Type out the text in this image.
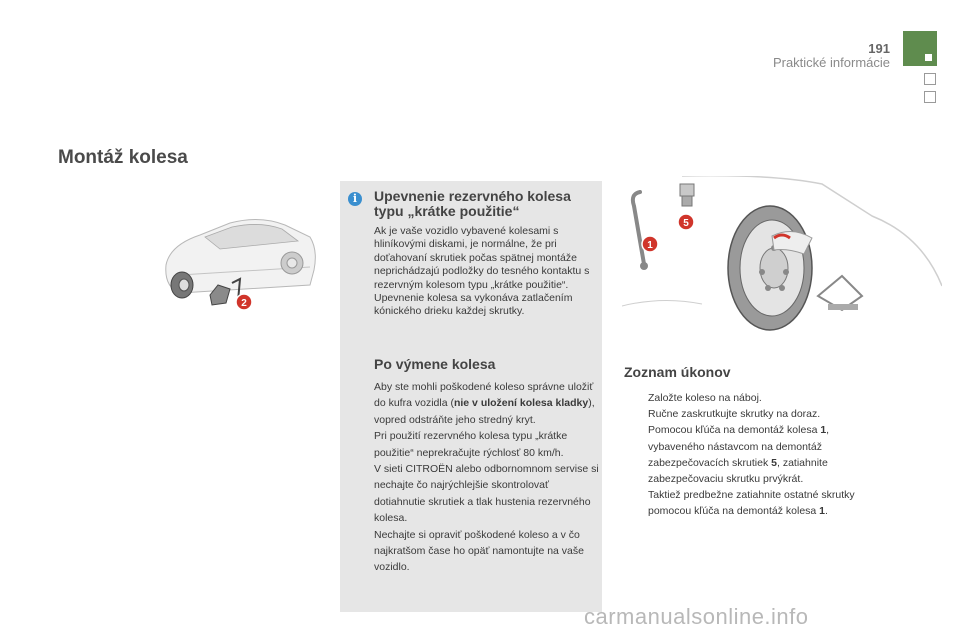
191
Praktické informácie
Montáž kolesa
2
1
5
i	Upevnenie rezervného kolesa typu „krátke použitie“

Ak je vaše vozidlo vybavené kolesami s hliníkovými diskami, je normálne, že pri doťahovaní skrutiek počas spätnej montáže neprichádzajú podložky do tesného kontaktu s rezervným kolesom typu „krátke použitie“. Upevnenie kolesa sa vykonáva zatlačením kónického drieku každej skrutky.

Po výmene kolesa

Aby ste mohli poškodené koleso správne uložiť do kufra vozidla (nie v uložení kolesa kladky), vopred odstráňte jeho stredný kryt.

Pri použití rezervného kolesa typu „krátke použitie“ neprekračujte rýchlosť 80 km/h.

V sieti CITROËN alebo odbornomnom servise si nechajte čo najrýchlejšie skontrolovať dotiahnutie skrutiek a tlak hustenia rezervného kolesa.

Nechajte si opraviť poškodené koleso a v čo najkratšom čase ho opäť namontujte na vaše vozidlo.

Zoznam úkonov
Založte koleso na náboj.
Ručne zaskrutkujte skrutky na doraz.
Pomocou kľúča na demontáž kolesa 1, vybaveného nástavcom na demontáž zabezpečovacích skrutiek 5, zatiahnite zabezpečovaciu skrutku prvýkrát.
Taktiež predbežne zatiahnite ostatné skrutky pomocou kľúča na demontáž kolesa 1.
carmanualsonline.info
